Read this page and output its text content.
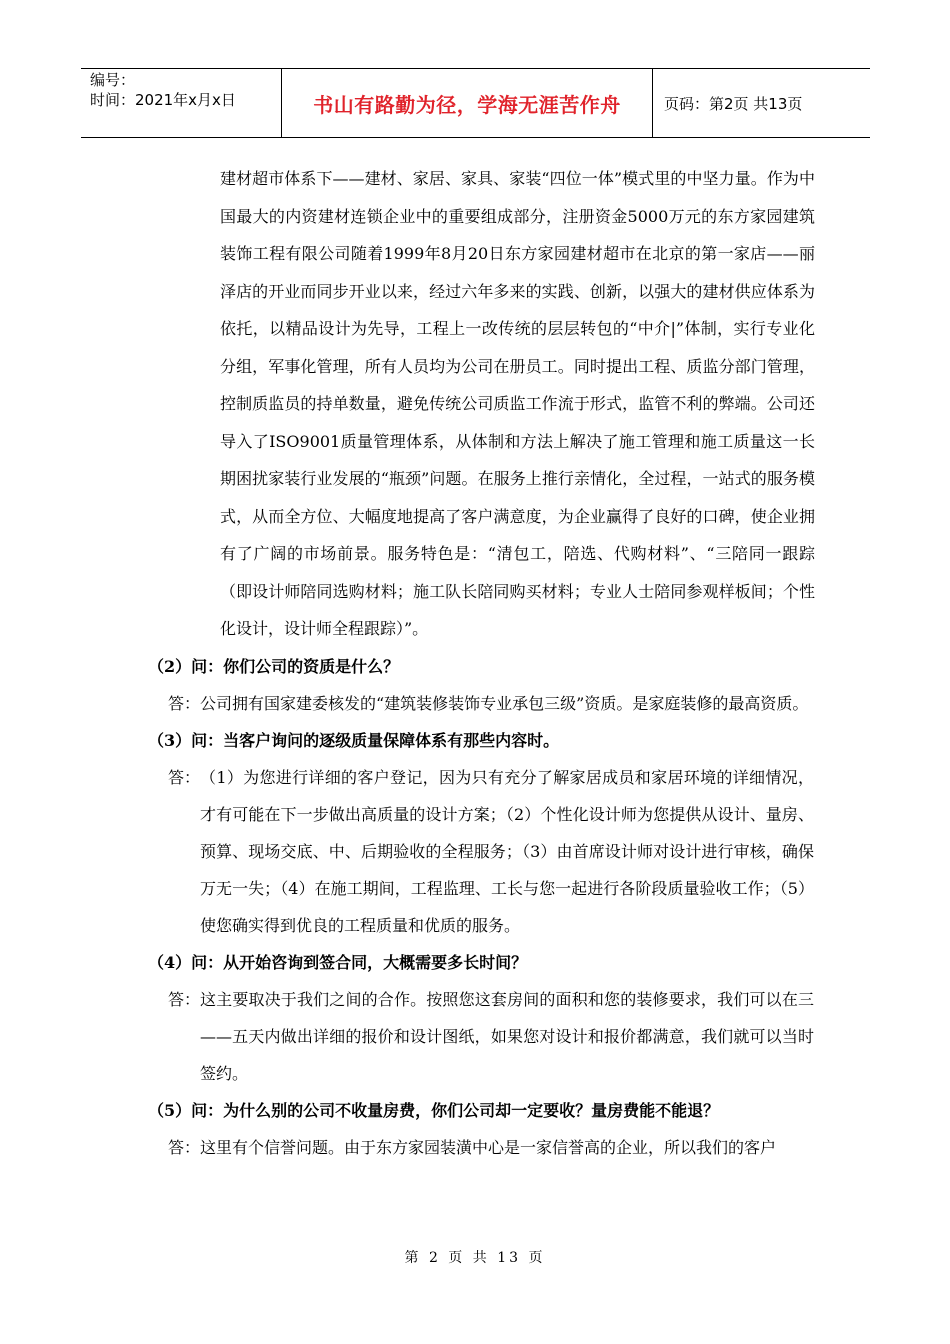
编号：
时间：2021年x月x日	书山有路勤为径，学海无涯苦作舟	页码：第2页 共13页
建材超市体系下——建材、家居、家具、家装“四位一体”模式里的中坚力量。作为中国最大的内资建材连锁企业中的重要组成部分，注册资金5000万元的东方家园建筑装饰工程有限公司随着1999年8月20日东方家园建材超市在北京的第一家店——丽泽店的开业而同步开业以来，经过六年多来的实践、创新，以强大的建材供应体系为依托，以精品设计为先导，工程上一改传统的层层转包的“中介|”体制，实行专业化分组，军事化管理，所有人员均为公司在册员工。同时提出工程、质监分部门管理，控制质监员的持单数量，避免传统公司质监工作流于形式，监管不利的弊端。公司还导入了ISO9001质量管理体系，从体制和方法上解决了施工管理和施工质量这一长期困扰家装行业发展的“瓶颈”问题。在服务上推行亲情化，全过程，一站式的服务模式，从而全方位、大幅度地提高了客户满意度，为企业赢得了良好的口碑，使企业拥有了广阔的市场前景。服务特色是：“清包工，陪选、代购材料”、“三陪同一跟踪（即设计师陪同选购材料；施工队长陪同购买材料；专业人士陪同参观样板间；个性化设计，设计师全程跟踪）”。
（2）问：你们公司的资质是什么？
答： 公司拥有国家建委核发的“建筑装修装饰专业承包三级”资质。是家庭装修的最高资质。
（3）问：当客户询问的逐级质量保障体系有那些内容时。
答： （1）为您进行详细的客户登记，因为只有充分了解家居成员和家居环境的详细情况，才有可能在下一步做出高质量的设计方案；（2）个性化设计师为您提供从设计、量房、预算、现场交底、中、后期验收的全程服务；（3）由首席设计师对设计进行审核，确保万无一失；（4）在施工期间，工程监理、工长与您一起进行各阶段质量验收工作；（5）使您确实得到优良的工程质量和优质的服务。
（4）问：从开始咨询到签合同，大概需要多长时间？
答： 这主要取决于我们之间的合作。按照您这套房间的面积和您的装修要求，我们可以在三——五天内做出详细的报价和设计图纸，如果您对设计和报价都满意，我们就可以当时签约。
（5）问：为什么别的公司不收量房费，你们公司却一定要收？量房费能不能退？
答： 这里有个信誉问题。由于东方家园装潢中心是一家信誉高的企业，所以我们的客户
第 2 页 共 13 页
